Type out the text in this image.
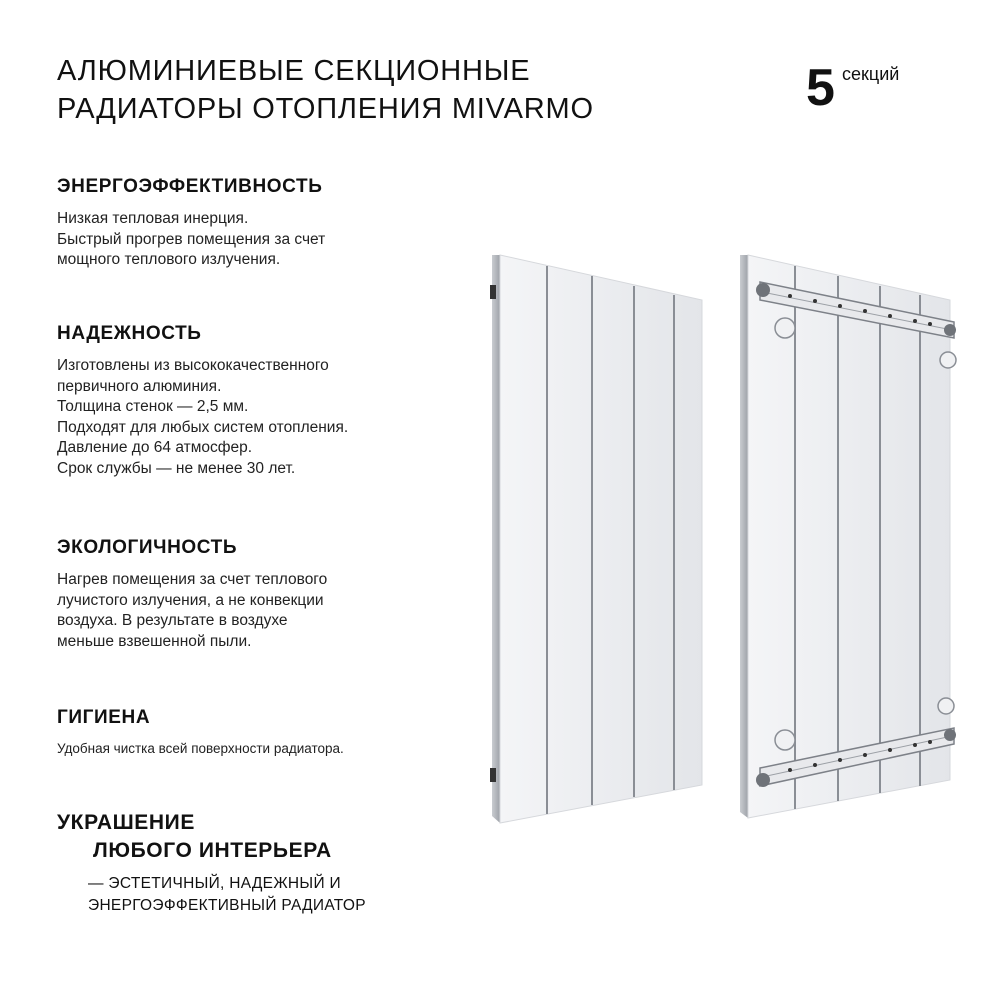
АЛЮМИНИЕВЫЕ СЕКЦИОННЫЕ
РАДИАТОРЫ ОТОПЛЕНИЯ MIVARMO	5 секций
ЭНЕРГОЭФФЕКТИВНОСТЬ
Низкая тепловая инерция.
Быстрый прогрев помещения за счет
мощного теплового излучения.
НАДЕЖНОСТЬ
Изготовлены из высококачественного
первичного алюминия.
Толщина стенок — 2,5 мм.
Подходят для любых систем отопления.
Давление до 64 атмосфер.
Срок службы — не менее 30 лет.
ЭКОЛОГИЧНОСТЬ
Нагрев помещения за счет теплового
лучистого излучения, а не конвекции
воздуха. В результате в воздухе
меньше взвешенной пыли.
ГИГИЕНА
Удобная чистка всей поверхности радиатора.
УКРАШЕНИЕ
ЛЮБОГО ИНТЕРЬЕРА
— ЭСТЕТИЧНЫЙ, НАДЕЖНЫЙ И
ЭНЕРГОЭФФЕКТИВНЫЙ РАДИАТОР
